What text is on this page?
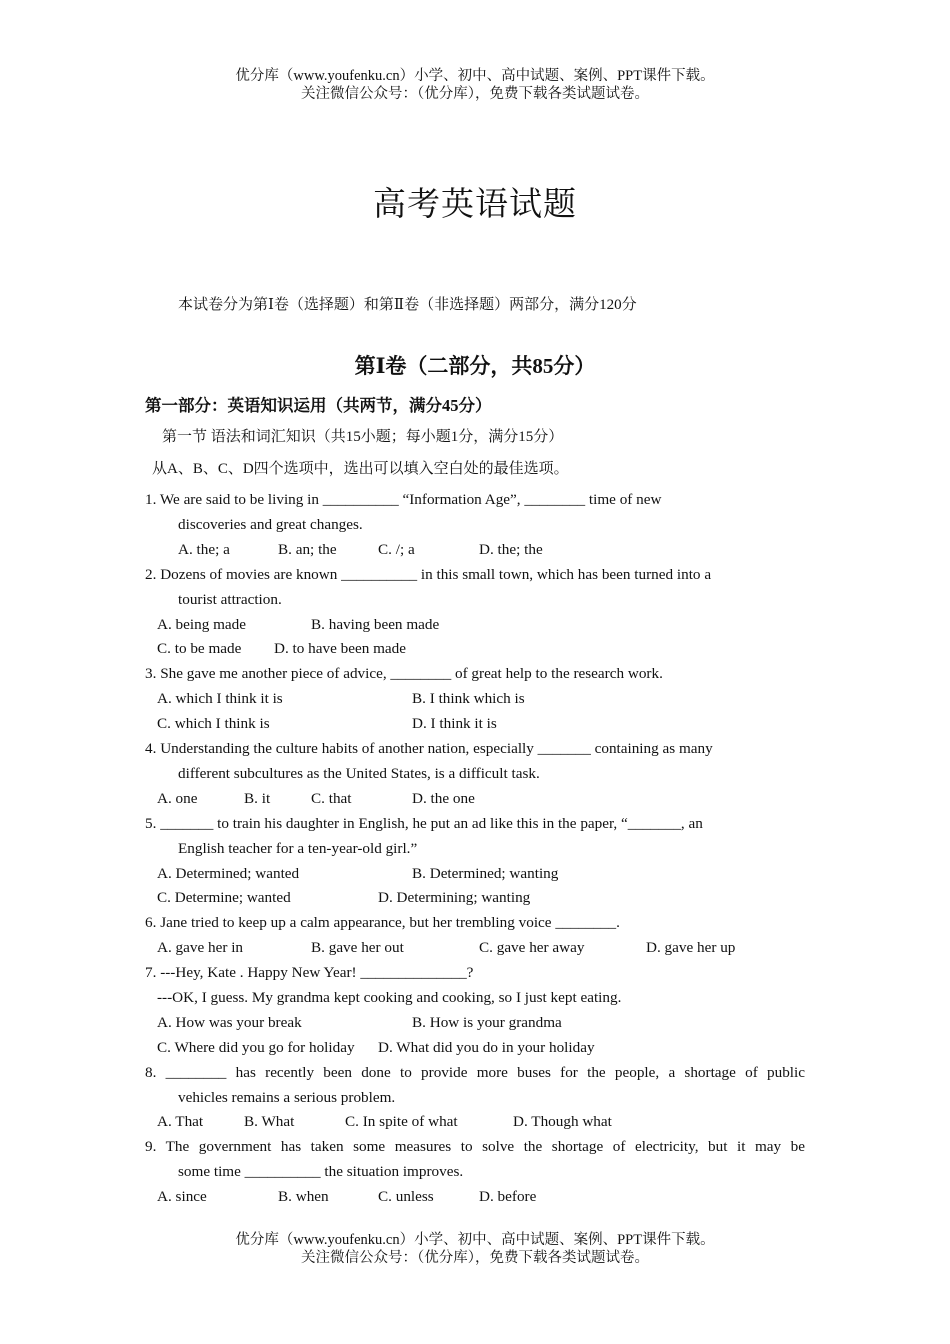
优分库（www.youfenku.cn）小学、初中、高中试题、案例、PPT课件下载。
关注微信公众号：（优分库），免费下载各类试题试卷。
高考英语试题
本试卷分为第Ⅰ卷（选择题）和第Ⅱ卷（非选择题）两部分，满分120分
第Ⅰ卷（二部分，共85分）
第一部分：英语知识运用（共两节，满分45分）
第一节 语法和词汇知识（共15小题；每小题1分，满分15分）
从A、B、C、D四个选项中，选出可以填入空白处的最佳选项。
1. We are said to be living in __________ “Information Age”, ________ time of new
discoveries and great changes.
A. the; a	B. an; the	C. /; a	D. the; the
2. Dozens of movies are known __________ in this small town, which has been turned into a
tourist attraction.
A. being made	B. having been made
C. to be made D. to have been made
3. She gave me another piece of advice, ________ of great help to the research work.
A. which I think it is	B. I think which is
C. which I think is	D. I think it is
4. Understanding the culture habits of another nation, especially _______ containing as many
different subcultures as the United States, is a difficult task.
A. one	B. it	C. that	D. the one
5. _______ to train his daughter in English, he put an ad like this in the paper, “_______, an
English teacher for a ten-year-old girl.”
A. Determined; wanted	B. Determined; wanting
C. Determine; wanted	D. Determining; wanting
6. Jane tried to keep up a calm appearance, but her trembling voice ________.
A. gave her in	B. gave her out	C. gave her away	D. gave her up
7. ---Hey, Kate . Happy New Year! ______________?
---OK, I guess. My grandma kept cooking and cooking, so I just kept eating.
A. How was your break	B. How is your grandma
C. Where did you go for holiday D. What did you do in your holiday
8. ________ has recently been done to provide more buses for the people, a shortage of public
vehicles remains a serious problem.
A. That	B. What	C. In spite of what	D. Though what
9. The government has taken some measures to solve the shortage of electricity, but it may be
some time __________ the situation improves.
A. since	B. when	C. unless	D. before
优分库（www.youfenku.cn）小学、初中、高中试题、案例、PPT课件下载。
关注微信公众号：（优分库），免费下载各类试题试卷。
